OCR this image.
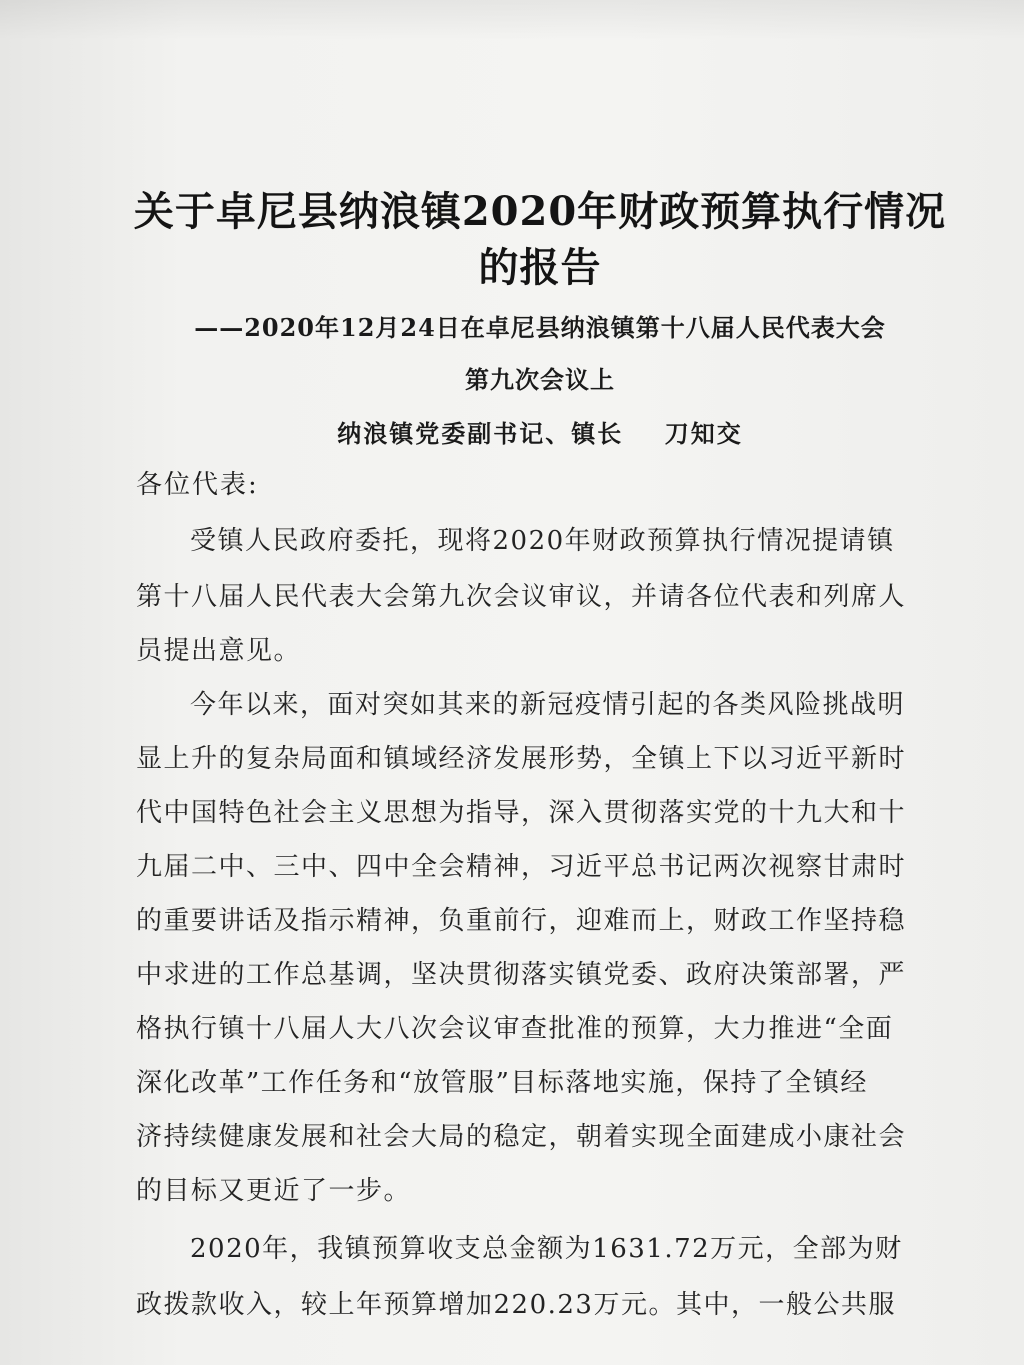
关于卓尼县纳浪镇2020年财政预算执行情况
的报告
——2020年12月24日在卓尼县纳浪镇第十八届人民代表大会
第九次会议上
纳浪镇党委副书记、镇长    刀知交
各位代表:
受镇人民政府委托，现将2020年财政预算执行情况提请镇
第十八届人民代表大会第九次会议审议，并请各位代表和列席人
员提出意见。
今年以来，面对突如其来的新冠疫情引起的各类风险挑战明
显上升的复杂局面和镇域经济发展形势，全镇上下以习近平新时
代中国特色社会主义思想为指导，深入贯彻落实党的十九大和十
九届二中、三中、四中全会精神，习近平总书记两次视察甘肃时
的重要讲话及指示精神，负重前行，迎难而上，财政工作坚持稳
中求进的工作总基调，坚决贯彻落实镇党委、政府决策部署，严
格执行镇十八届人大八次会议审查批准的预算，大力推进“全面
深化改革”工作任务和“放管服”目标落地实施，保持了全镇经
济持续健康发展和社会大局的稳定，朝着实现全面建成小康社会
的目标又更近了一步。
2020年，我镇预算收支总金额为1631.72万元，全部为财
政拨款收入，较上年预算增加220.23万元。其中，一般公共服
